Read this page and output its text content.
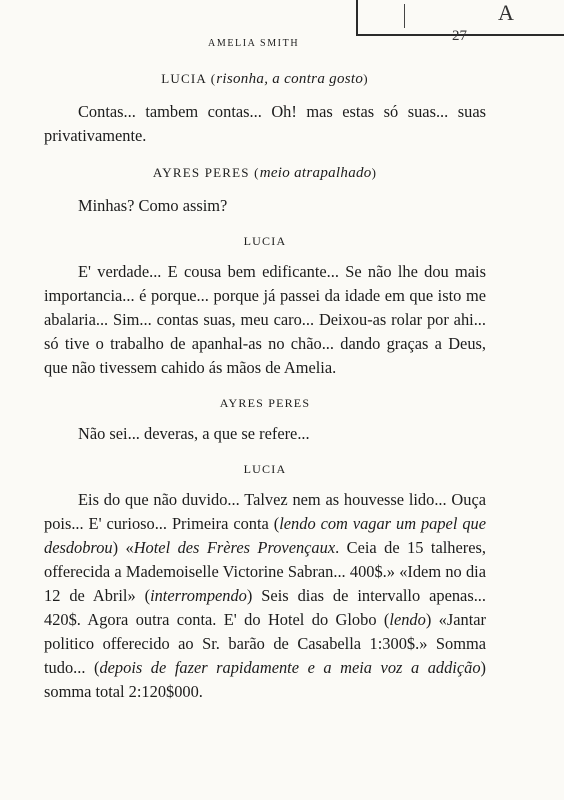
A
AMELIA SMITH	27

LUCIA (risonha, a contra gosto)

Contas... tambem contas... Oh! mas estas só suas... suas privativamente.

AYRES PERES (meio atrapalhado)

Minhas? Como assim?

LUCIA

E' verdade... E cousa bem edificante... Se não lhe dou mais importancia... é porque... porque já passei da idade em que isto me abalaria... Sim... contas suas, meu caro... Deixou-as rolar por ahi... só tive o trabalho de apanhal-as no chão... dando graças a Deus, que não tivessem cahido ás mãos de Amelia.

AYRES PERES

Não sei... deveras, a que se refere...

LUCIA

Eis do que não duvido... Talvez nem as houvesse lido... Ouça pois... E' curioso... Primeira conta (lendo com vagar um papel que desdobrou) «Hotel des Frères Provençaux. Ceia de 15 talheres, offerecida a Mademoiselle Victorine Sabran... 400$.» «Idem no dia 12 de Abril» (interrompendo) Seis dias de intervallo apenas... 420$. Agora outra conta. E' do Hotel do Globo (lendo) «Jantar politico offerecido ao Sr. barão de Casabella 1:300$.» Somma tudo... (depois de fazer rapidamente e a meia voz a addição) somma total 2:120$000.
